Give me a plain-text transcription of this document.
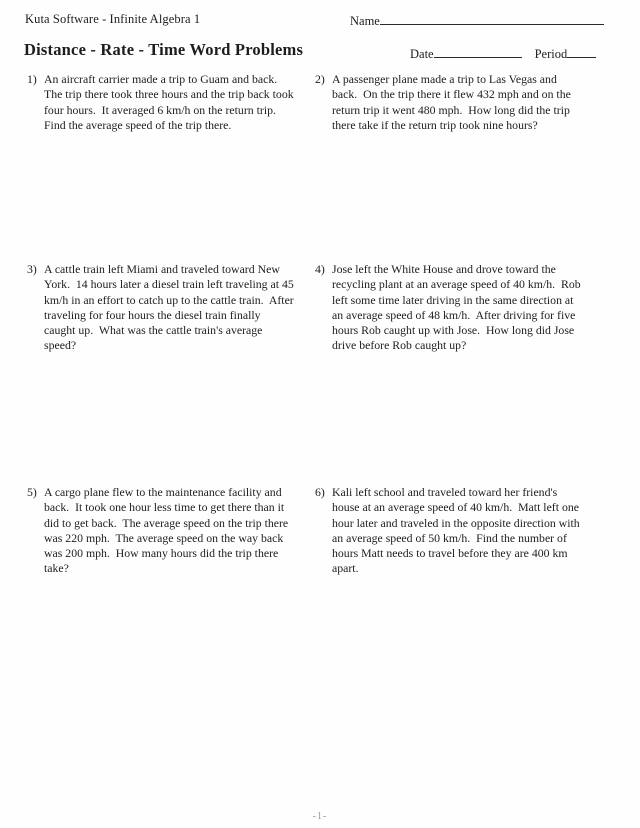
Kuta Software - Infinite Algebra 1	Name
Distance - Rate - Time Word Problems	Date	Period
1) An aircraft carrier made a trip to Guam and back.  The trip there took three hours and the trip back took four hours.  It averaged 6 km/h on the return trip.  Find the average speed of the trip there.

2) A passenger plane made a trip to Las Vegas and back.  On the trip there it flew 432 mph and on the return trip it went 480 mph.  How long did the trip there take if the return trip took nine hours?

3) A cattle train left Miami and traveled toward New York.  14 hours later a diesel train left traveling at 45 km/h in an effort to catch up to the cattle train.  After traveling for four hours the diesel train finally caught up.  What was the cattle train's average speed?

4) Jose left the White House and drove toward the recycling plant at an average speed of 40 km/h.  Rob left some time later driving in the same direction at an average speed of 48 km/h.  After driving for five hours Rob caught up with Jose.  How long did Jose drive before Rob caught up?

5) A cargo plane flew to the maintenance facility and back.  It took one hour less time to get there than it did to get back.  The average speed on the trip there was 220 mph.  The average speed on the way back was 200 mph.  How many hours did the trip there take?

6) Kali left school and traveled toward her friend's house at an average speed of 40 km/h.  Matt left one hour later and traveled in the opposite direction with an average speed of 50 km/h.  Find the number of hours Matt needs to travel before they are 400 km apart.

-1-
